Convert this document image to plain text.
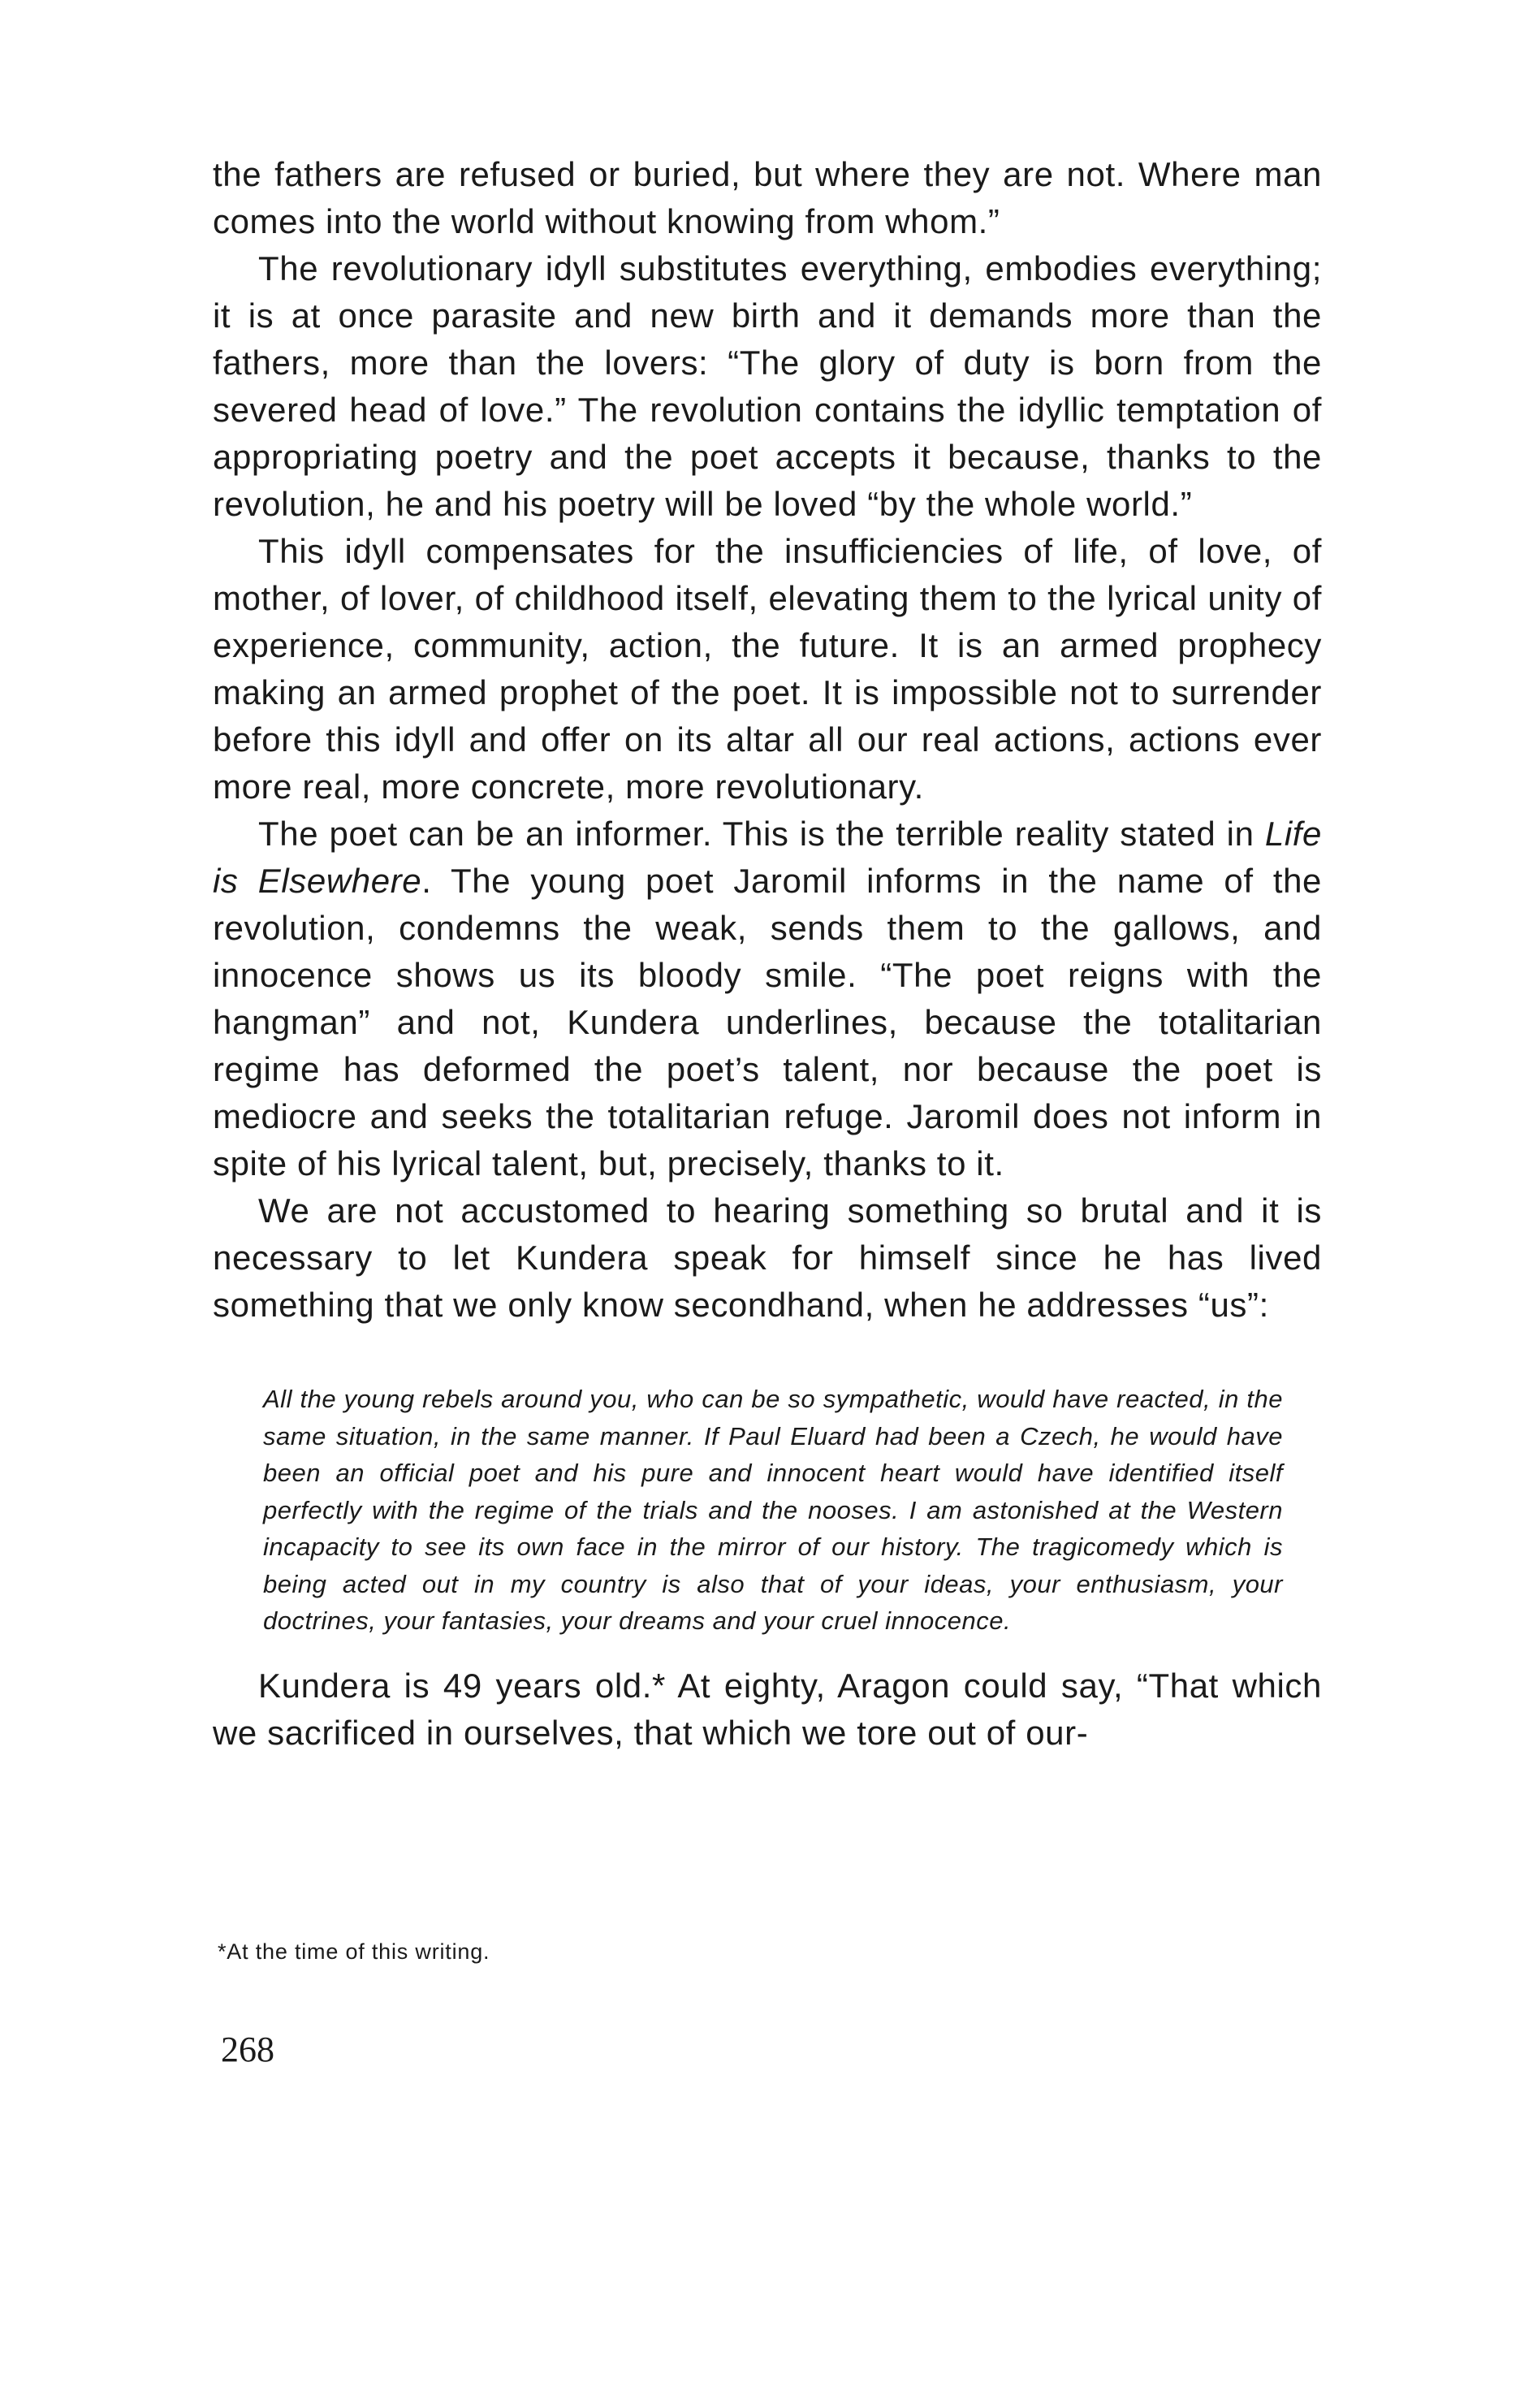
the fathers are refused or buried, but where they are not. Where man comes into the world without knowing from whom.”

The revolutionary idyll substitutes everything, embodies everything; it is at once parasite and new birth and it demands more than the fathers, more than the lovers: “The glory of duty is born from the severed head of love.” The revolution contains the idyllic temptation of appropriating poetry and the poet accepts it because, thanks to the revolution, he and his poetry will be loved “by the whole world.”

This idyll compensates for the insufficiencies of life, of love, of mother, of lover, of childhood itself, elevating them to the lyrical unity of experience, community, action, the future. It is an armed prophecy making an armed prophet of the poet. It is impossible not to surrender before this idyll and offer on its altar all our real actions, actions ever more real, more concrete, more revolutionary.

The poet can be an informer. This is the terrible reality stated in Life is Elsewhere. The young poet Jaromil informs in the name of the revolution, condemns the weak, sends them to the gallows, and innocence shows us its bloody smile. “The poet reigns with the hangman” and not, Kundera underlines, because the totalitarian regime has deformed the poet’s talent, nor because the poet is mediocre and seeks the totalitarian refuge. Jaromil does not inform in spite of his lyrical talent, but, precisely, thanks to it.

We are not accustomed to hearing something so brutal and it is necessary to let Kundera speak for himself since he has lived something that we only know secondhand, when he addresses “us”:

All the young rebels around you, who can be so sympathetic, would have reacted, in the same situation, in the same manner. If Paul Eluard had been a Czech, he would have been an official poet and his pure and innocent heart would have identified itself perfectly with the regime of the trials and the nooses. I am astonished at the Western incapacity to see its own face in the mirror of our history. The tragicomedy which is being acted out in my country is also that of your ideas, your enthusiasm, your doctrines, your fantasies, your dreams and your cruel innocence.

Kundera is 49 years old.* At eighty, Aragon could say, “That which we sacrificed in ourselves, that which we tore out of our-

*At the time of this writing.

268
